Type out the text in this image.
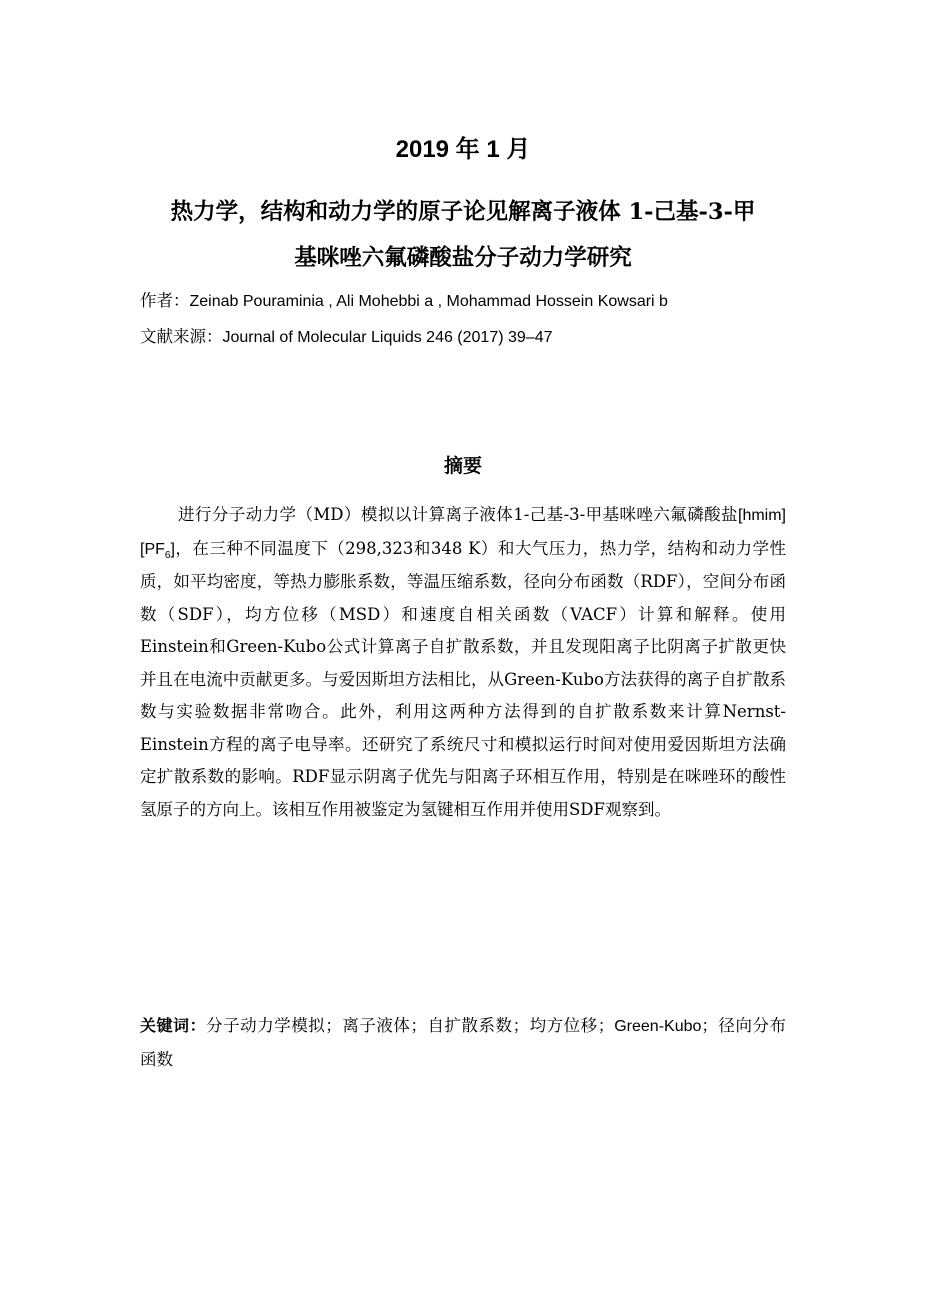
2019 年 1 月
热力学，结构和动力学的原子论见解离子液体 1-己基-3-甲
基咪唑六氟磷酸盐分子动力学研究
作者：Zeinab Pouraminia , Ali Mohebbi a , Mohammad Hossein Kowsari b
文献来源：Journal of Molecular Liquids 246 (2017) 39–47
摘要

进行分子动力学（MD）模拟以计算离子液体1-己基-3-甲基咪唑六氟磷酸盐$[hmim][PF_6]$，在三种不同温度下（298,323和348 K）和大气压力，热力学，结构和动力学性质，如平均密度，等热力膨胀系数，等温压缩系数，径向分布函数（RDF），空间分布函数（SDF），均方位移（MSD）和速度自相关函数（VACF）计算和解释。使用Einstein和Green-Kubo公式计算离子自扩散系数，并且发现阳离子比阴离子扩散更快并且在电流中贡献更多。与爱因斯坦方法相比，从Green-Kubo方法获得的离子自扩散系数与实验数据非常吻合。此外，利用这两种方法得到的自扩散系数来计算Nernst-Einstein方程的离子电导率。还研究了系统尺寸和模拟运行时间对使用爱因斯坦方法确定扩散系数的影响。RDF显示阴离子优先与阳离子环相互作用，特别是在咪唑环的酸性氢原子的方向上。该相互作用被鉴定为氢键相互作用并使用SDF观察到。

关键词：分子动力学模拟；离子液体；自扩散系数；均方位移；Green-Kubo；径向分布函数
